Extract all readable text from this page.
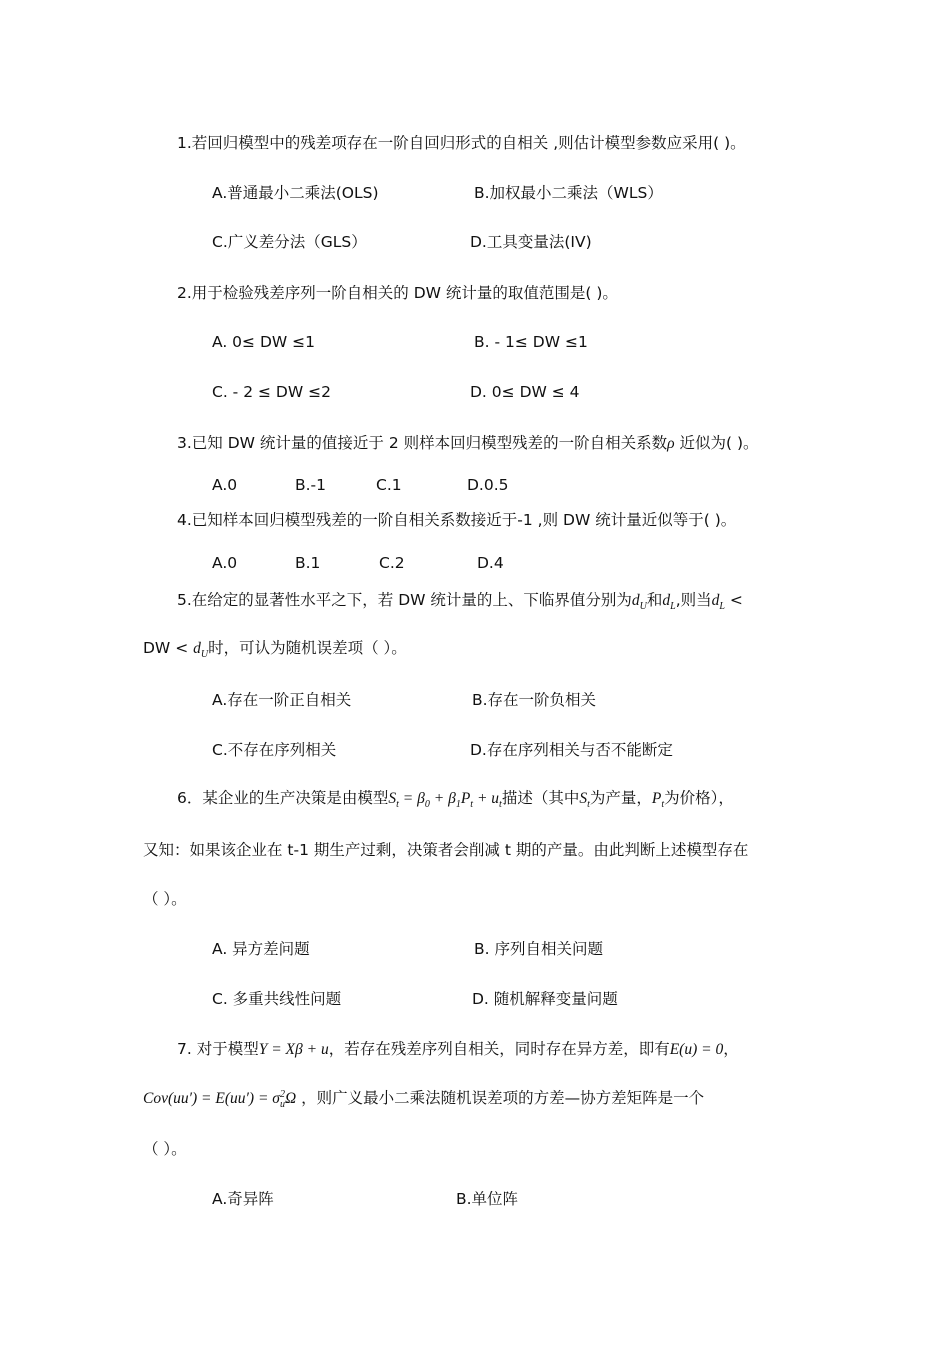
1.若回归模型中的残差项存在一阶自回归形式的自相关 ,则估计模型参数应采用( )。
A.普通最小二乘法(OLS)	B.加权最小二乘法（WLS）
C.广义差分法（GLS）	D.工具变量法(IV)
2.用于检验残差序列一阶自相关的 DW 统计量的取值范围是( )。
A. 0≤ DW ≤1	B. - 1≤ DW ≤1
C. - 2 ≤ DW ≤2	D. 0≤ DW ≤ 4
3.已知 DW 统计量的值接近于 2 则样本回归模型残差的一阶自相关系数ρ 近似为( )。
A.0	B.-1	C.1	D.0.5
4.已知样本回归模型残差的一阶自相关系数接近于-1 ,则 DW 统计量近似等于( )。
A.0	B.1	C.2	D.4
5.在给定的显著性水平之下，若 DW 统计量的上、下临界值分别为$d_U$和$d_L$,则当$d_L$ <
DW < $d_U$时，可认为随机误差项（ ）。
A.存在一阶正自相关	B.存在一阶负相关
C.不存在序列相关	D.存在序列相关与否不能断定
6．某企业的生产决策是由模型$S_t = \beta_0 + \beta_1P_t + u_t$描述（其中$S_t$为产量，$P_t$为价格），
又知：如果该企业在 t-1 期生产过剩，决策者会削减 t 期的产量。由此判断上述模型存在
（ ）。
A. 异方差问题	B. 序列自相关问题
C. 多重共线性问题	D. 随机解释变量问题
7. 对于模型Y = Xβ + u，若存在残差序列自相关，同时存在异方差，即有E(u) = 0，
$Cov(uu') = E(uu') = \sigma^2_u\Omega$ ，则广义最小二乘法随机误差项的方差—协方差矩阵是一个
（ ）。
A.奇异阵	B.单位阵
